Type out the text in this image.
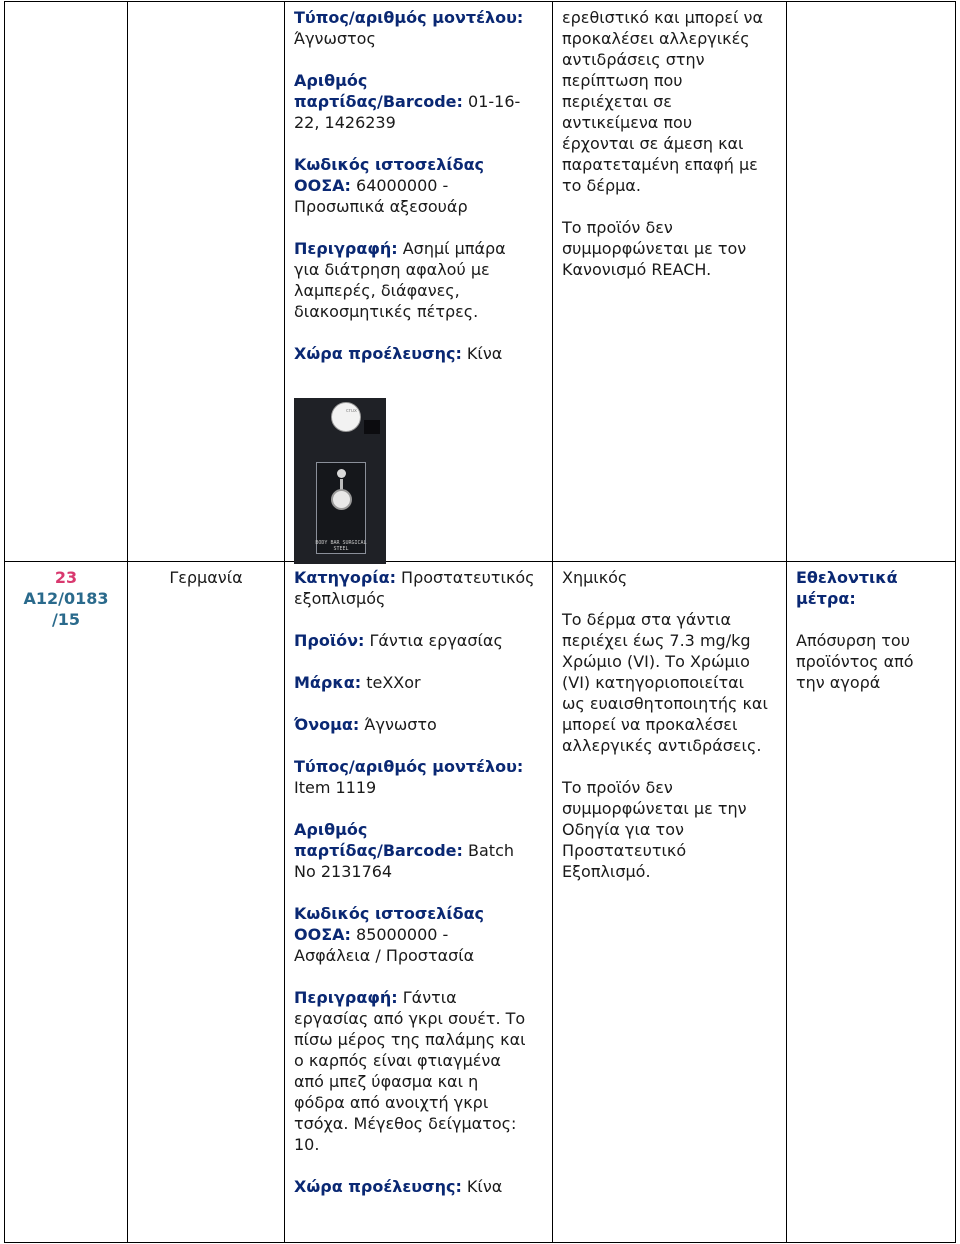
Τύπος/αριθμός μοντέλου:
Άγνωστος

Αριθμός
παρτίδας/Barcode: 01-16-
22, 1426239

Κωδικός ιστοσελίδας
ΟΟΣΑ: 64000000 -
Προσωπικά αξεσουάρ

Περιγραφή: Ασημί μπάρα
για διάτρηση αφαλού με
λαμπερές, διάφανες,
διακοσμητικές πέτρες.

Χώρα προέλευσης: Κίνα

crux
BODY BAR SURGICAL STEEL

ερεθιστικό και μπορεί να
προκαλέσει αλλεργικές
αντιδράσεις στην
περίπτωση που
περιέχεται σε
αντικείμενα που
έρχονται σε άμεση και
παρατεταμένη επαφή με
το δέρμα.

Το προϊόν δεν
συμμορφώνεται με τον
Κανονισμό REACH.

23
A12/0183
/15
Γερμανία	Κατηγορία: Προστατευτικός
εξοπλισμός

Προϊόν: Γάντια εργασίας

Μάρκα: teXXor

Όνομα: Άγνωστο

Τύπος/αριθμός μοντέλου:
Item 1119

Αριθμός
παρτίδας/Barcode: Batch
No 2131764

Κωδικός ιστοσελίδας
ΟΟΣΑ: 85000000 -
Ασφάλεια / Προστασία

Περιγραφή: Γάντια
εργασίας από γκρι σουέτ. Το
πίσω μέρος της παλάμης και
ο καρπός είναι φτιαγμένα
από μπεζ ύφασμα και η
φόδρα από ανοιχτή γκρι
τσόχα. Μέγεθος δείγματος:
10.

Χώρα προέλευσης: Κίνα

Χημικός

Το δέρμα στα γάντια
περιέχει έως 7.3 mg/kg
Χρώμιο (VI). Το Χρώμιο
(VI) κατηγοριοποιείται
ως ευαισθητοποιητής και
μπορεί να προκαλέσει
αλλεργικές αντιδράσεις.

Το προϊόν δεν
συμμορφώνεται με την
Οδηγία για τον
Προστατευτικό
Εξοπλισμό.

Εθελοντικά
μέτρα:

Απόσυρση του
προϊόντος από
την αγορά
